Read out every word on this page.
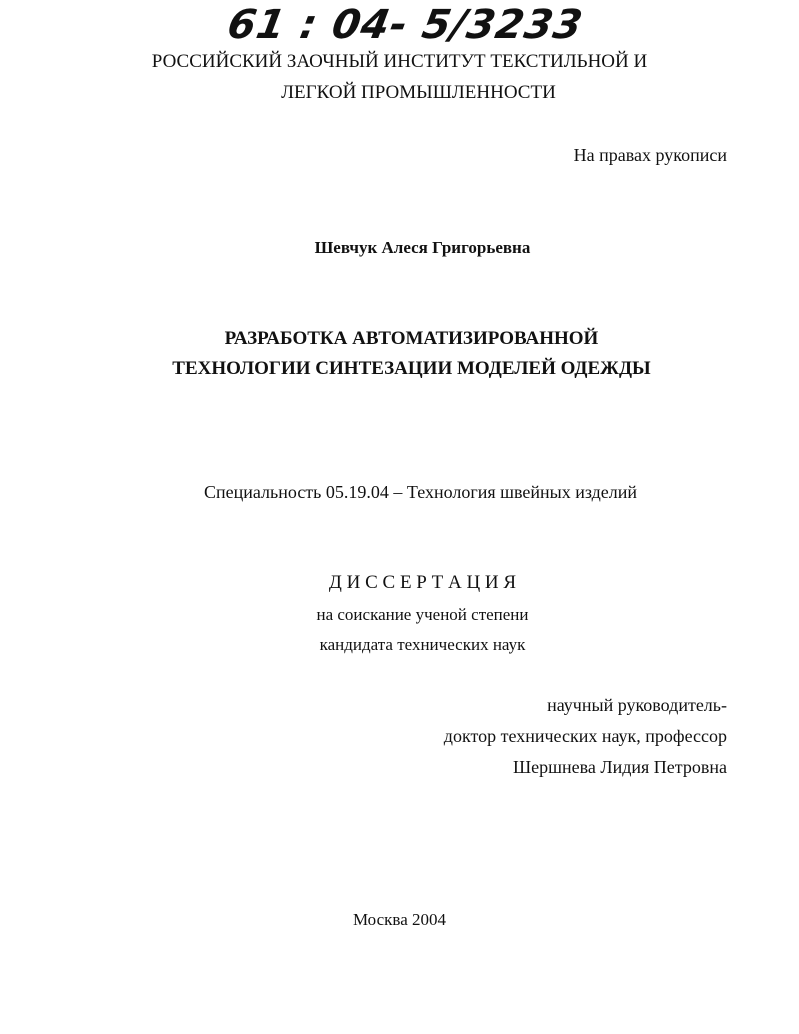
61 : 04- 5/3233
РОССИЙСКИЙ ЗАОЧНЫЙ ИНСТИТУТ ТЕКСТИЛЬНОЙ И
ЛЕГКОЙ ПРОМЫШЛЕННОСТИ
На правах рукописи
Шевчук Алеся Григорьевна
РАЗРАБОТКА АВТОМАТИЗИРОВАННОЙ
ТЕХНОЛОГИИ СИНТЕЗАЦИИ МОДЕЛЕЙ ОДЕЖДЫ
Специальность 05.19.04 – Технология швейных изделий
Д И С С Е Р Т А Ц И Я
на соискание ученой степени
кандидата технических наук
научный руководитель-
доктор технических наук, профессор
Шершнева Лидия Петровна
Москва 2004
